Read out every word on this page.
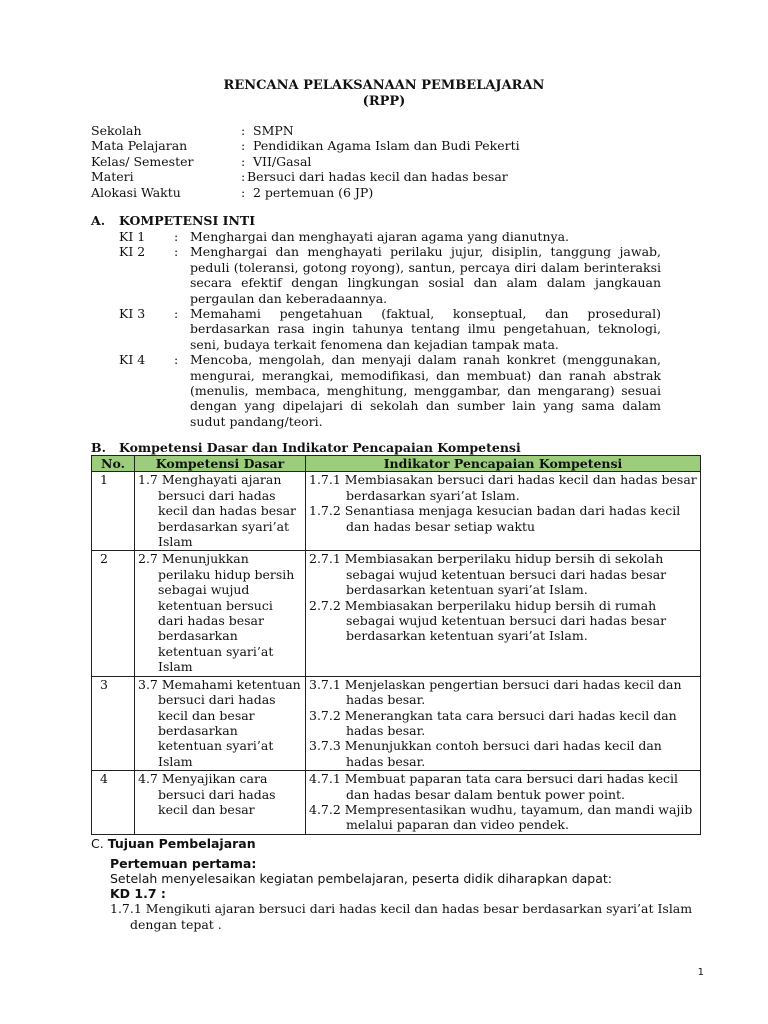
RENCANA PELAKSANAAN PEMBELAJARAN
(RPP)
Sekolah	: SMPN
Mata Pelajaran	: Pendidikan Agama Islam dan Budi Pekerti
Kelas/ Semester	: VII/Gasal
Materi	: Bersuci dari hadas kecil dan hadas besar
Alokasi Waktu	: 2 pertemuan (6 JP)
A. KOMPETENSI INTI
KI 1	: Menghargai dan menghayati ajaran agama yang dianutnya.
KI 2	: Menghargai dan menghayati perilaku jujur, disiplin, tanggung jawab, peduli (toleransi, gotong royong), santun, percaya diri dalam berinteraksi secara efektif dengan lingkungan sosial dan alam dalam jangkauan pergaulan dan keberadaannya.
KI 3	: Memahami pengetahuan (faktual, konseptual, dan prosedural) berdasarkan rasa ingin tahunya tentang ilmu pengetahuan, teknologi, seni, budaya terkait fenomena dan kejadian tampak mata.
KI 4	: Mencoba, mengolah, dan menyaji dalam ranah konkret (menggunakan, mengurai, merangkai, memodifikasi, dan membuat) dan ranah abstrak (menulis, membaca, menghitung, menggambar, dan mengarang) sesuai dengan yang dipelajari di sekolah dan sumber lain yang sama dalam sudut pandang/teori.
B. Kompetensi Dasar dan Indikator Pencapaian Kompetensi
No.	Kompetensi Dasar	Indikator Pencapaian Kompetensi
1	1.7 Menghayati ajaran bersuci dari hadas kecil dan hadas besar berdasarkan syari’at Islam	1.7.1 Membiasakan bersuci dari hadas kecil dan hadas besar berdasarkan syari’at Islam.
1.7.2 Senantiasa menjaga kesucian badan dari hadas kecil dan hadas besar setiap waktu

2	2.7 Menunjukkan perilaku hidup bersih sebagai wujud ketentuan bersuci dari hadas besar berdasarkan ketentuan syari’at Islam	2.7.1 Membiasakan berperilaku hidup bersih di sekolah sebagai wujud ketentuan bersuci dari hadas besar berdasarkan ketentuan syari’at Islam.
2.7.2 Membiasakan berperilaku hidup bersih di rumah sebagai wujud ketentuan bersuci dari hadas besar berdasarkan ketentuan syari’at Islam.

3	3.7 Memahami ketentuan bersuci dari hadas kecil dan besar berdasarkan ketentuan syari’at Islam	3.7.1 Menjelaskan pengertian bersuci dari hadas kecil dan hadas besar.
3.7.2 Menerangkan tata cara bersuci dari hadas kecil dan hadas besar.
3.7.3 Menunjukkan contoh bersuci dari hadas kecil dan hadas besar.

4	4.7 Menyajikan cara bersuci dari hadas kecil dan besar	4.7.1 Membuat paparan tata cara bersuci dari hadas kecil dan hadas besar dalam bentuk power point.
4.7.2 Mempresentasikan wudhu, tayamum, dan mandi wajib melalui paparan dan video pendek.
C. Tujuan Pembelajaran
Pertemuan pertama:
Setelah menyelesaikan kegiatan pembelajaran, peserta didik diharapkan dapat:
KD 1.7 :
1.7.1 Mengikuti ajaran bersuci dari hadas kecil dan hadas besar berdasarkan syari’at Islam dengan tepat .
1
